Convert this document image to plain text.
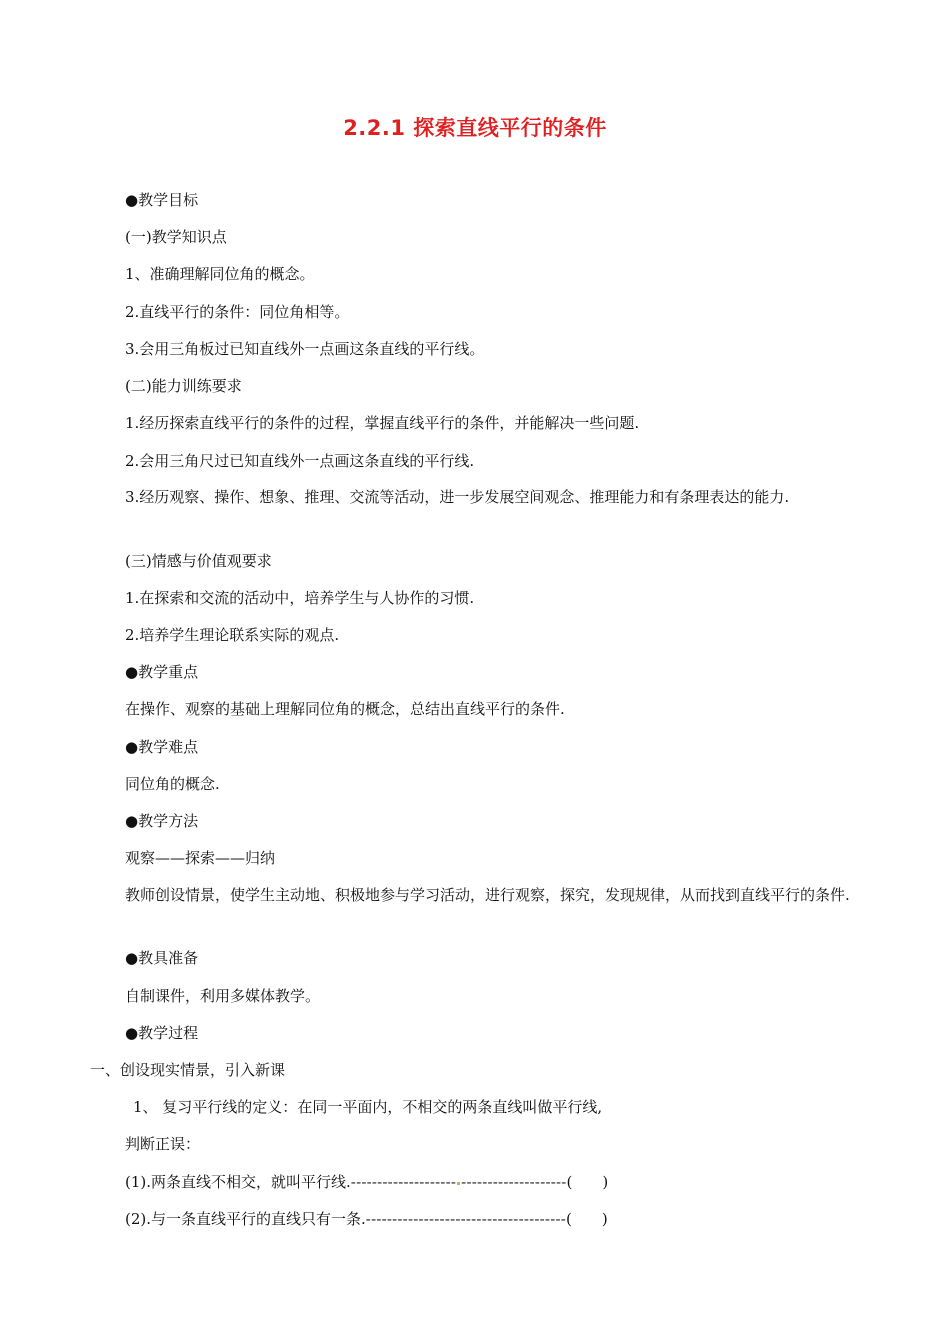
2.2.1 探索直线平行的条件
●教学目标
(一)教学知识点
1、准确理解同位角的概念。
2.直线平行的条件：同位角相等。
3.会用三角板过已知直线外一点画这条直线的平行线。
(二)能力训练要求
1.经历探索直线平行的条件的过程，掌握直线平行的条件，并能解决一些问题.
2.会用三角尺过已知直线外一点画这条直线的平行线.
3.经历观察、操作、想象、推理、交流等活动，进一步发展空间观念、推理能力和有条理表达的能力.
(三)情感与价值观要求
1.在探索和交流的活动中，培养学生与人协作的习惯.
2.培养学生理论联系实际的观点.
●教学重点
在操作、观察的基础上理解同位角的概念，总结出直线平行的条件.
●教学难点
同位角的概念.
●教学方法
观察——探索——归纳
教师创设情景，使学生主动地、积极地参与学习活动，进行观察，探究，发现规律，从而找到直线平行的条件.
●教具准备
自制课件，利用多媒体教学。
●教学过程
一、创设现实情景，引入新课
1、 复习平行线的定义：在同一平面内，不相交的两条直线叫做平行线,
判断正误：
(1).两条直线不相交，就叫平行线.-------------------- --------------------(　　)
(2).与一条直线平行的直线只有一条.--------------------------------------(　　)
